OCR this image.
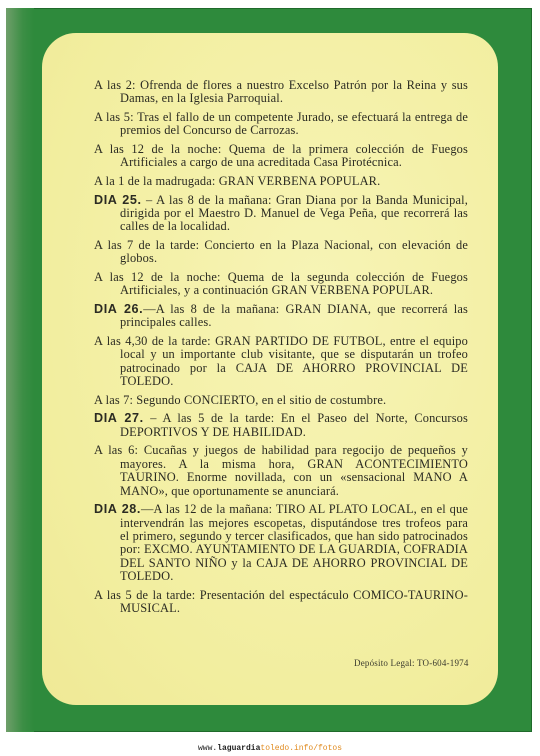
A las 2: Ofrenda de flores a nuestro Excelso Patrón por la Reina y sus Damas, en la Iglesia Parroquial.

A las 5: Tras el fallo de un competente Jurado, se efectuará la entrega de premios del Concurso de Carrozas.

A las 12 de la noche: Quema de la primera colección de Fuegos Artificiales a cargo de una acreditada Casa Pirotécnica.

A la 1 de la madrugada: GRAN VERBENA POPULAR.

DIA 25. – A las 8 de la mañana: Gran Diana por la Banda Municipal, dirigida por el Maestro D. Manuel de Vega Peña, que recorrerá las calles de la localidad.

A las 7 de la tarde: Concierto en la Plaza Nacional, con elevación de globos.

A las 12 de la noche: Quema de la segunda colección de Fuegos Artificiales, y a continuación GRAN VERBENA POPULAR.

DIA 26.—A las 8 de la mañana: GRAN DIANA, que recorrerá las principales calles.

A las 4,30 de la tarde: GRAN PARTIDO DE FUTBOL, entre el equipo local y un importante club visitante, que se disputarán un trofeo patrocinado por la CAJA DE AHORRO PROVINCIAL DE TOLEDO.

A las 7: Segundo CONCIERTO, en el sitio de costumbre.

DIA 27. – A las 5 de la tarde: En el Paseo del Norte, Concursos DEPORTIVOS Y DE HABILIDAD.

A las 6: Cucañas y juegos de habilidad para regocijo de pequeños y mayores. A la misma hora, GRAN ACONTECIMIENTO TAURINO. Enorme novillada, con un «sensacional MANO A MANO», que oportunamente se anunciará.

DIA 28.—A las 12 de la mañana: TIRO AL PLATO LOCAL, en el que intervendrán las mejores escopetas, disputándose tres trofeos para el primero, segundo y tercer clasificados, que han sido patrocinados por: EXCMO. AYUNTAMIENTO DE LA GUARDIA, COFRADIA DEL SANTO NIÑO y la CAJA DE AHORRO PROVINCIAL DE TOLEDO.

A las 5 de la tarde: Presentación del espectáculo COMICO-TAURINO-MUSICAL.

Depósito Legal: TO-604-1974
www.laguardiatoledo.info/fotos
